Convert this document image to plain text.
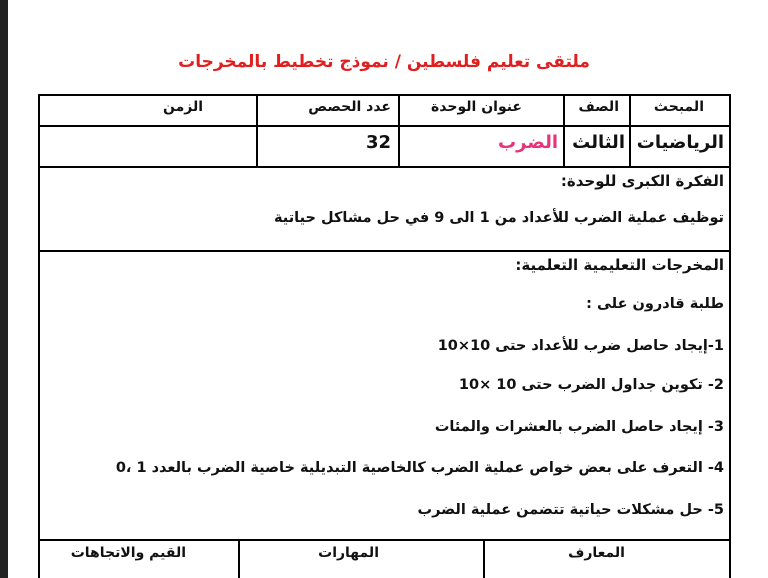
ملتقى تعليم فلسطين / نموذج تخطيط بالمخرجات
المبحث
الصف
عنوان الوحدة
عدد الحصص
الزمن
الرياضيات
الثالث
الضرب
32
الفكرة الكبرى للوحدة:
توظيف عملية الضرب للأعداد من 1 الى 9 في حل مشاكل حياتية
المخرجات التعليمية التعلمية:
طلبة قادرون على :
1-إيجاد حاصل ضرب للأعداد حتى 10×10
2- تكوين جداول الضرب حتى 10 ×10
3- إيجاد حاصل الضرب بالعشرات والمئات
4- التعرف على بعض خواص عملية الضرب كالخاصية التبديلية خاصية الضرب بالعدد 1 ،0
5- حل مشكلات حياتية تتضمن عملية الضرب
المعارف
المهارات
القيم والاتجاهات
